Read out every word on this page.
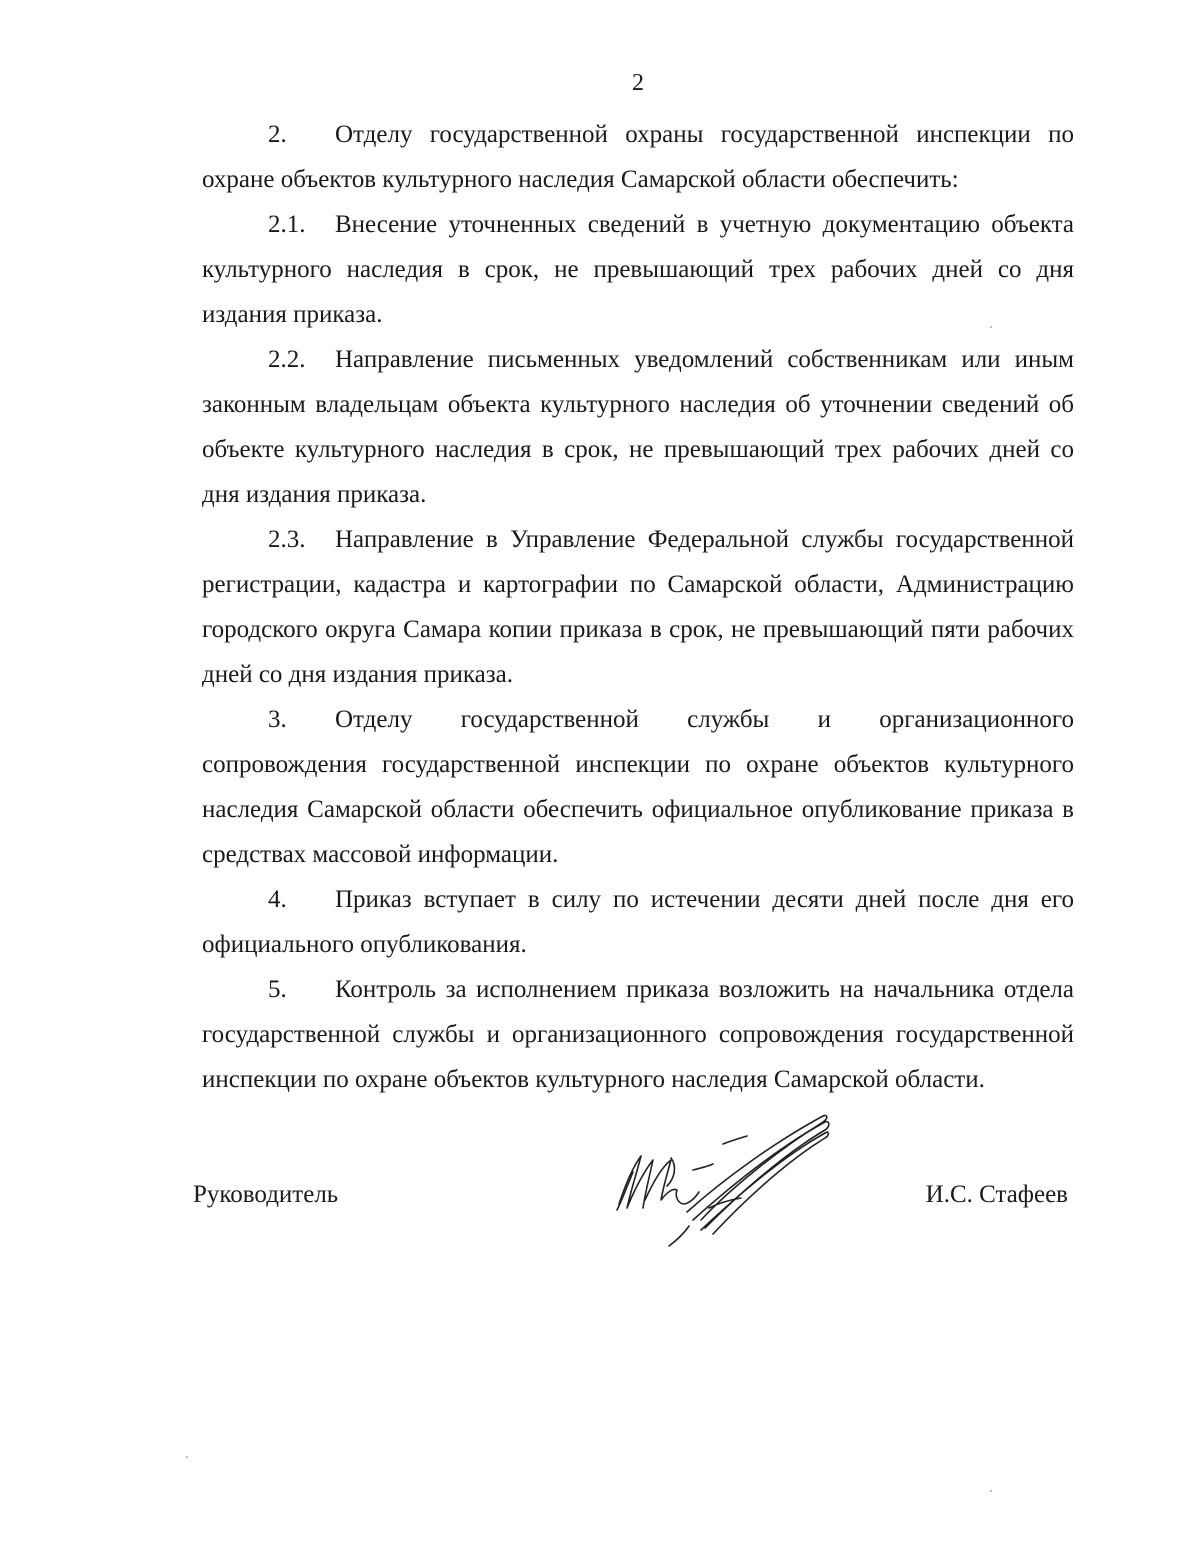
2

2. Отделу государственной охраны государственной инспекции по охране объектов культурного наследия Самарской области обеспечить:

2.1. Внесение уточненных сведений в учетную документацию объекта культурного наследия в срок, не превышающий трех рабочих дней со дня издания приказа.

2.2. Направление письменных уведомлений собственникам или иным законным владельцам объекта культурного наследия об уточнении сведений об объекте культурного наследия в срок, не превышающий трех рабочих дней со дня издания приказа.

2.3. Направление в Управление Федеральной службы государственной регистрации, кадастра и картографии по Самарской области, Администрацию городского округа Самара копии приказа в срок, не превышающий пяти рабочих дней со дня издания приказа.

3. Отделу государственной службы и организационного сопровождения государственной инспекции по охране объектов культурного наследия Самарской области обеспечить официальное опубликование приказа в средствах массовой информации.

4. Приказ вступает в силу по истечении десяти дней после дня его официального опубликования.

5. Контроль за исполнением приказа возложить на начальника отдела государственной службы и организационного сопровождения государственной инспекции по охране объектов культурного наследия Самарской области.

Руководитель	И.С. Стафеев
